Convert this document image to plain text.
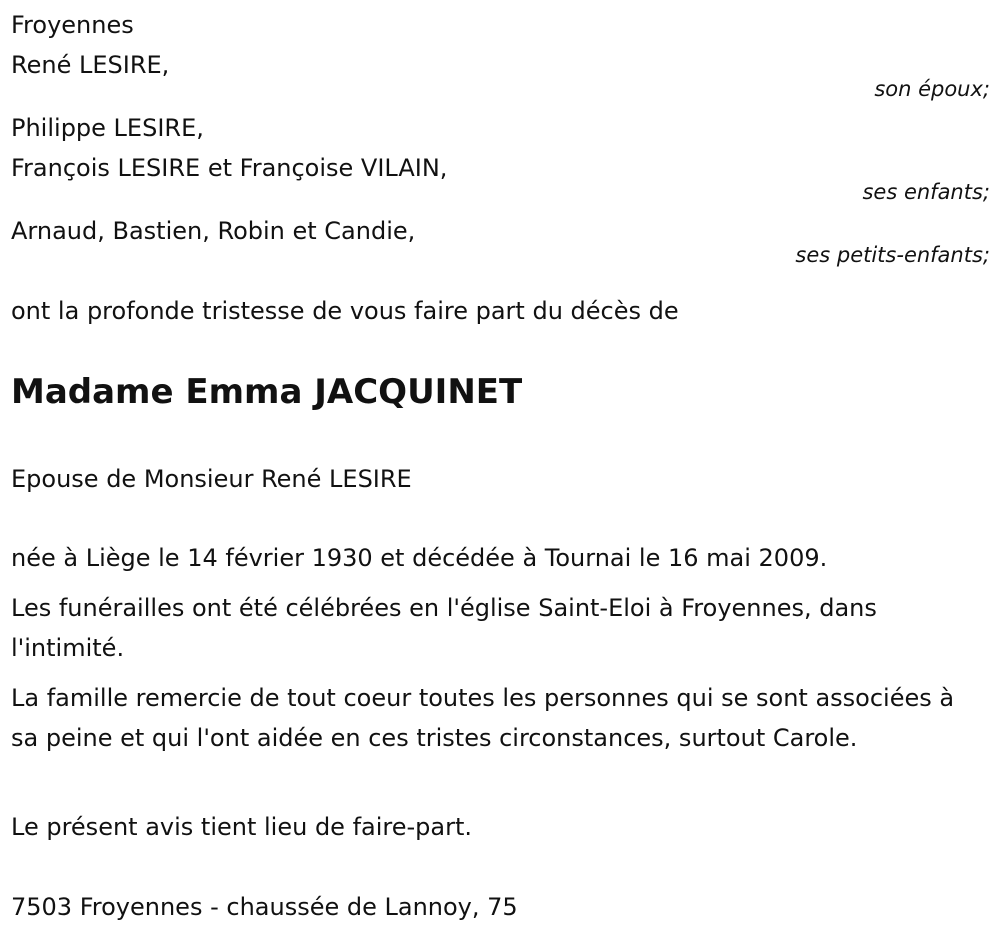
Froyennes
René LESIRE,
son époux;
Philippe LESIRE,
François LESIRE et Françoise VILAIN,
ses enfants;
Arnaud, Bastien, Robin et Candie,
ses petits-enfants;
ont la profonde tristesse de vous faire part du décès de
Madame Emma JACQUINET
Epouse de Monsieur René LESIRE
née à Liège le 14 février 1930 et décédée à Tournai le 16 mai 2009.
Les funérailles ont été célébrées en l'église Saint-Eloi à Froyennes, dans l'intimité.
La famille remercie de tout coeur toutes les personnes qui se sont associées à sa peine et qui l'ont aidée en ces tristes circonstances, surtout Carole.
Le présent avis tient lieu de faire-part.
7503 Froyennes - chaussée de Lannoy, 75
